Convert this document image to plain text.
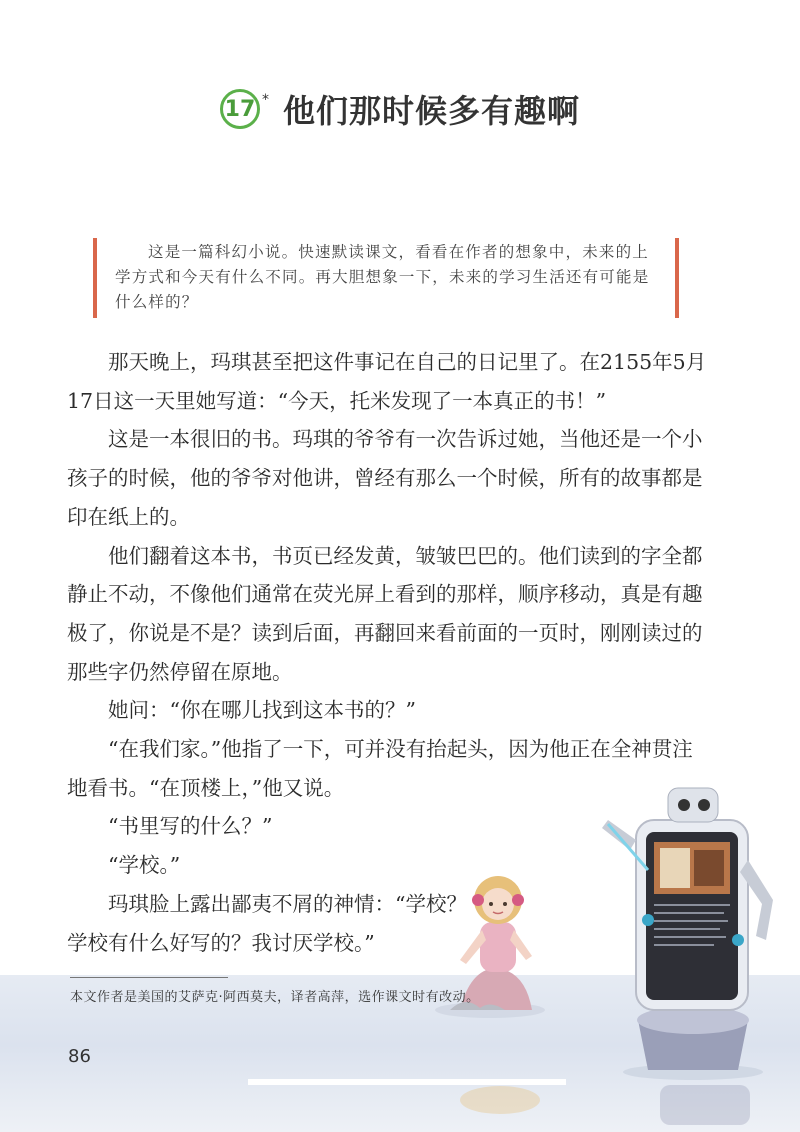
17 * 他们那时候多有趣啊

这是一篇科幻小说。快速默读课文，看看在作者的想象中，未来的上学方式和今天有什么不同。再大胆想象一下，未来的学习生活还有可能是什么样的？

那天晚上，玛琪甚至把这件事记在自己的日记里了。在2155年5月17日这一天里她写道：“今天，托米发现了一本真正的书！”

这是一本很旧的书。玛琪的爷爷有一次告诉过她，当他还是一个小孩子的时候，他的爷爷对他讲，曾经有那么一个时候，所有的故事都是印在纸上的。

他们翻着这本书，书页已经发黄，皱皱巴巴的。他们读到的字全都静止不动，不像他们通常在荧光屏上看到的那样，顺序移动，真是有趣极了，你说是不是？读到后面，再翻回来看前面的一页时，刚刚读过的那些字仍然停留在原地。

她问：“你在哪儿找到这本书的？”

“在我们家。”他指了一下，可并没有抬起头，因为他正在全神贯注地看书。“在顶楼上，”他又说。

“书里写的什么？”

“学校。”

玛琪脸上露出鄙夷不屑的神情：“学校？学校有什么好写的？我讨厌学校。”

本文作者是美国的艾萨克·阿西莫夫，译者高萍，选作课文时有改动。
86
